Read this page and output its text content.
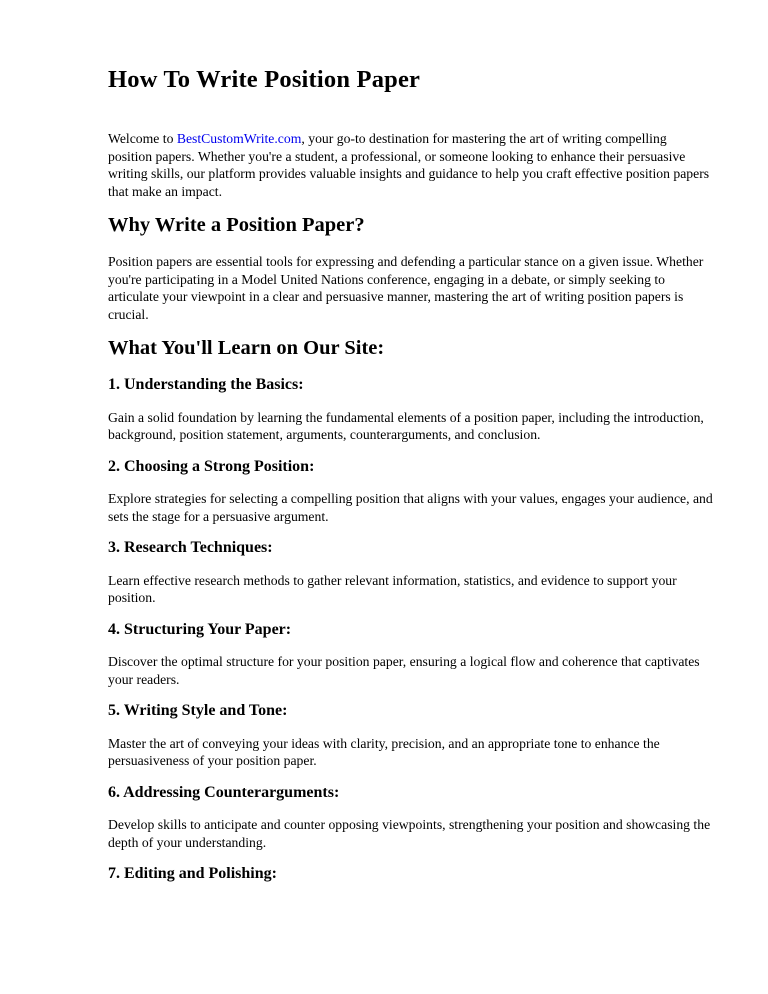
How To Write Position Paper

Welcome to BestCustomWrite.com, your go-to destination for mastering the art of writing compelling position papers. Whether you're a student, a professional, or someone looking to enhance their persuasive writing skills, our platform provides valuable insights and guidance to help you craft effective position papers that make an impact.

Why Write a Position Paper?

Position papers are essential tools for expressing and defending a particular stance on a given issue. Whether you're participating in a Model United Nations conference, engaging in a debate, or simply seeking to articulate your viewpoint in a clear and persuasive manner, mastering the art of writing position papers is crucial.

What You'll Learn on Our Site:
1. Understanding the Basics:

Gain a solid foundation by learning the fundamental elements of a position paper, including the introduction, background, position statement, arguments, counterarguments, and conclusion.

2. Choosing a Strong Position:

Explore strategies for selecting a compelling position that aligns with your values, engages your audience, and sets the stage for a persuasive argument.

3. Research Techniques:

Learn effective research methods to gather relevant information, statistics, and evidence to support your position.

4. Structuring Your Paper:

Discover the optimal structure for your position paper, ensuring a logical flow and coherence that captivates your readers.

5. Writing Style and Tone:

Master the art of conveying your ideas with clarity, precision, and an appropriate tone to enhance the persuasiveness of your position paper.

6. Addressing Counterarguments:

Develop skills to anticipate and counter opposing viewpoints, strengthening your position and showcasing the depth of your understanding.

7. Editing and Polishing:
